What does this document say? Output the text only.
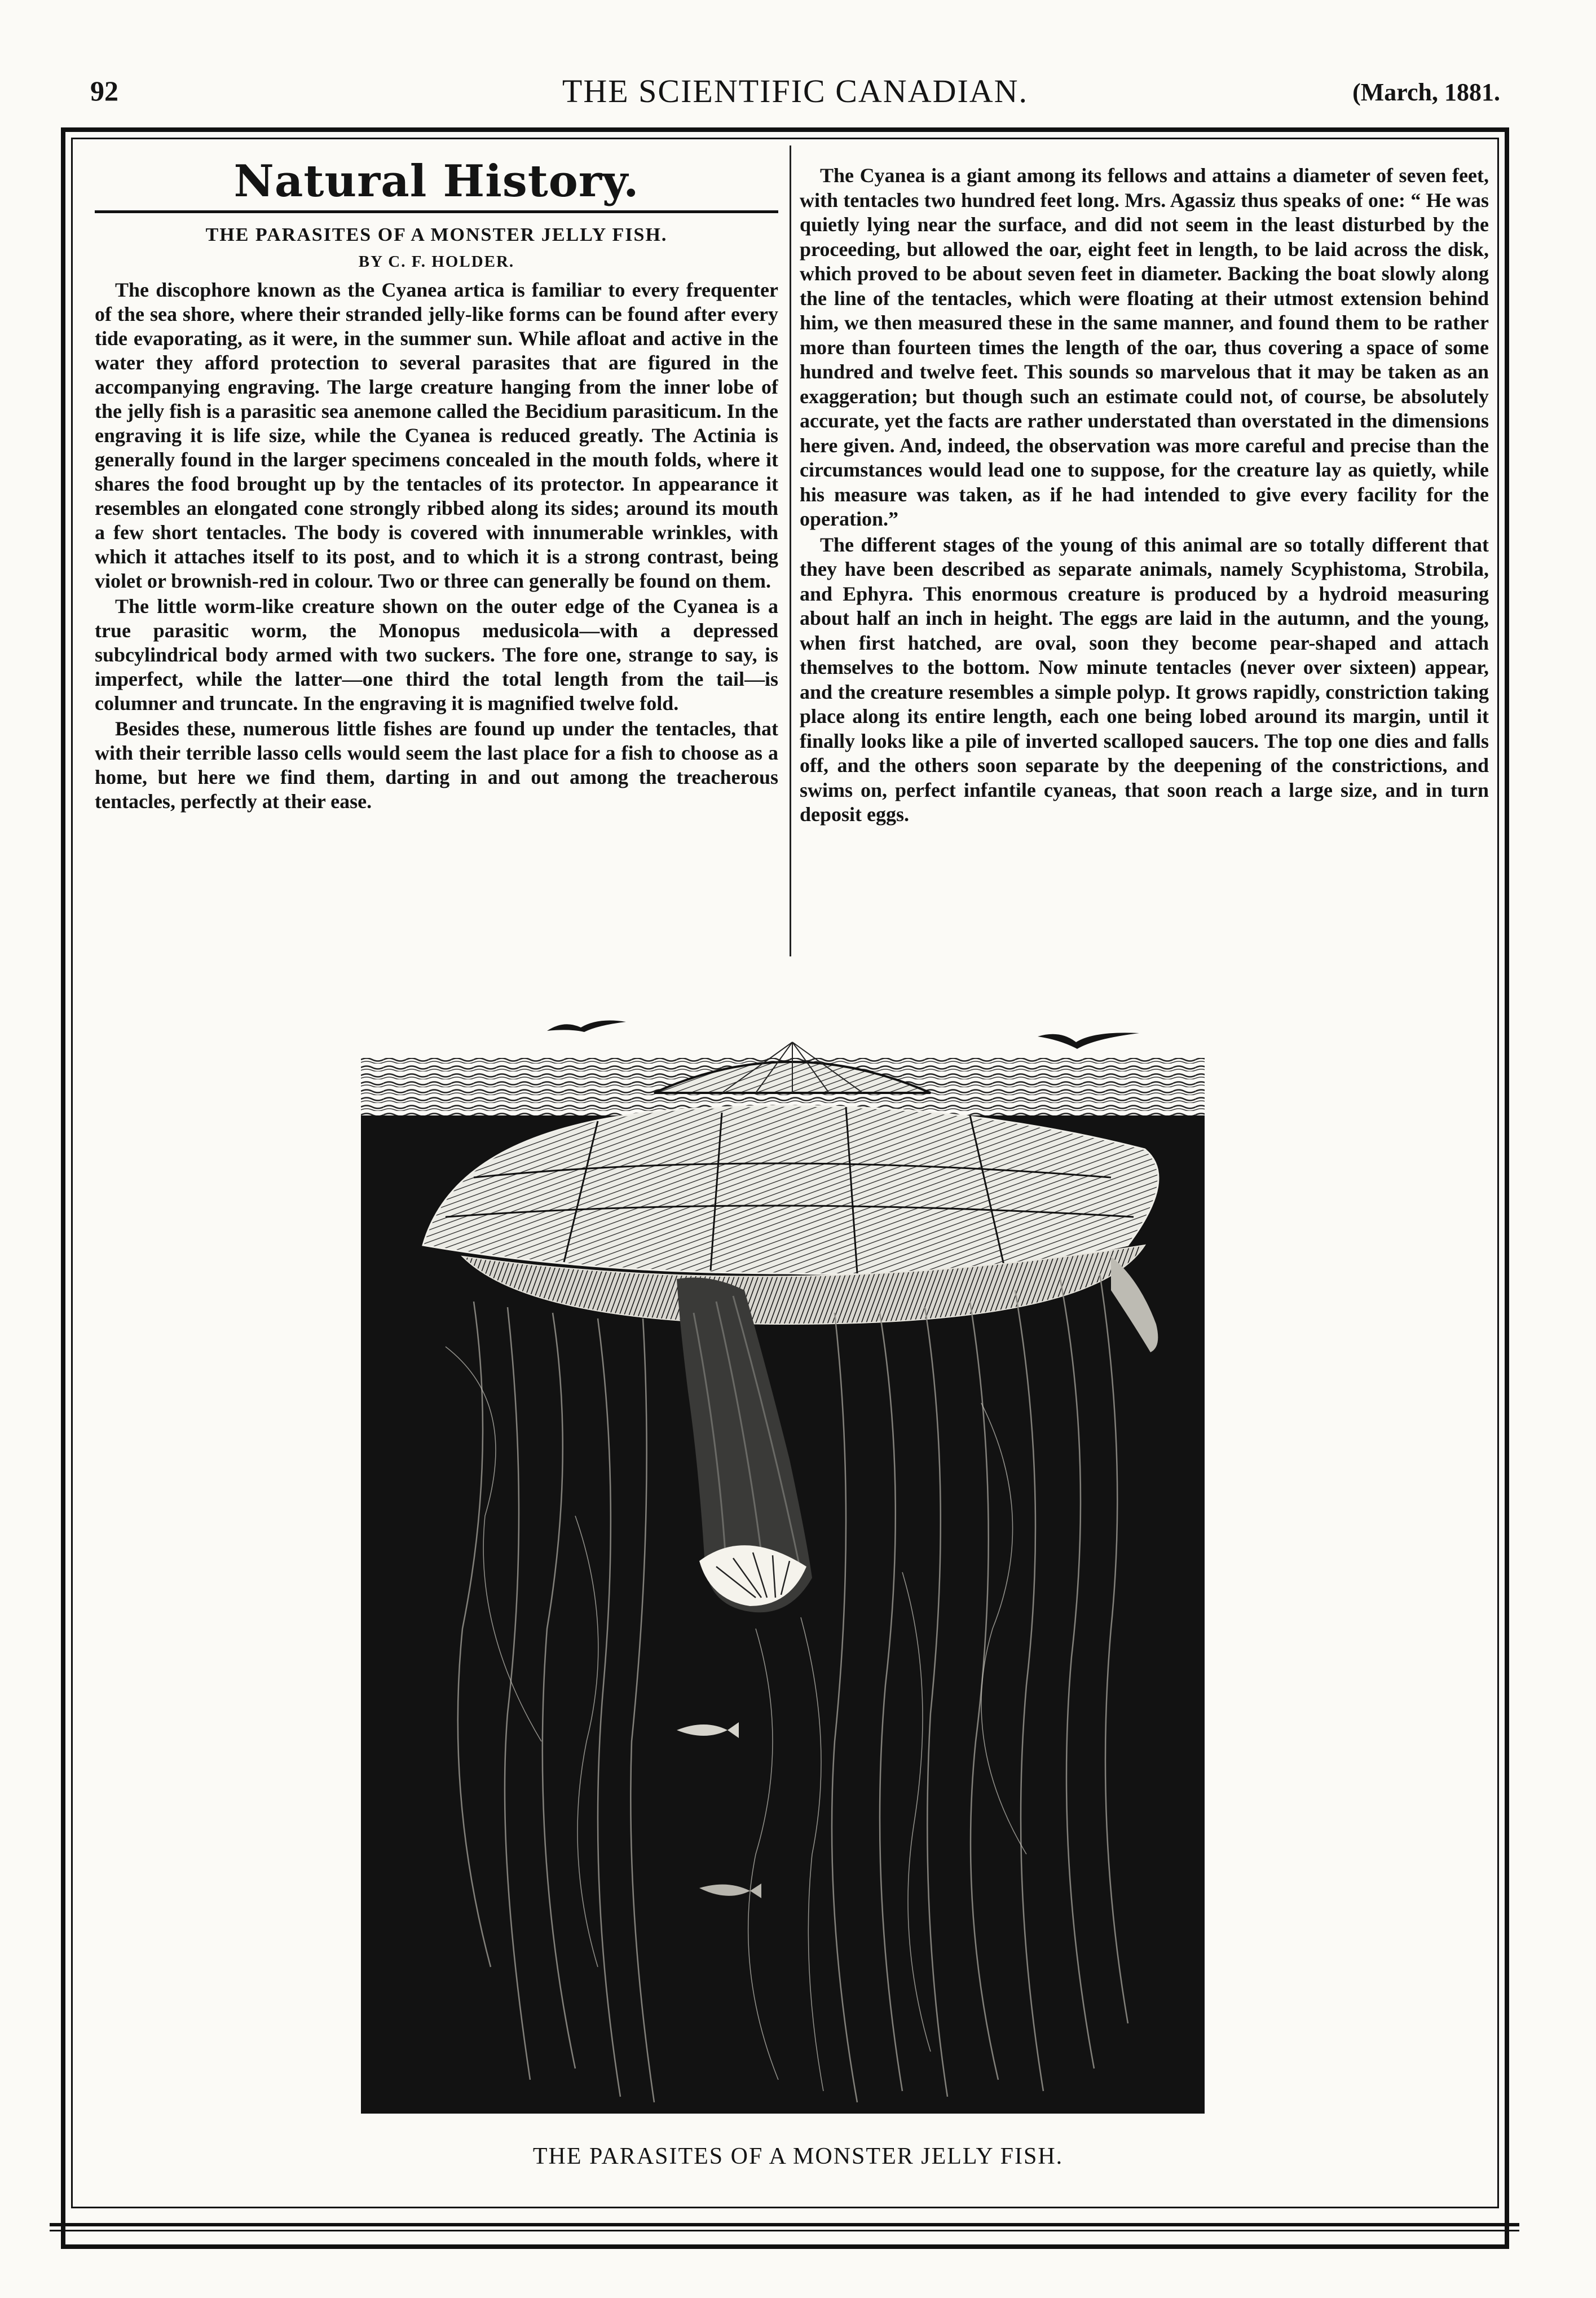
92	THE SCIENTIFIC CANADIAN.	(March, 1881.
Natural History.
THE PARASITES OF A MONSTER JELLY FISH.
BY C. F. HOLDER.

The discophore known as the Cyanea artica is familiar to every frequenter of the sea shore, where their stranded jelly-like forms can be found after every tide evaporating, as it were, in the summer sun. While afloat and active in the water they afford protection to several parasites that are figured in the accompanying engraving. The large creature hanging from the inner lobe of the jelly fish is a parasitic sea anemone called the Becidium parasiticum. In the engraving it is life size, while the Cyanea is reduced greatly. The Actinia is generally found in the larger specimens concealed in the mouth folds, where it shares the food brought up by the tentacles of its protector. In appearance it resembles an elongated cone strongly ribbed along its sides; around its mouth a few short tentacles. The body is covered with innumerable wrinkles, with which it attaches itself to its post, and to which it is a strong contrast, being violet or brownish-red in colour. Two or three can generally be found on them.

The little worm-like creature shown on the outer edge of the Cyanea is a true parasitic worm, the Monopus medusicola—with a depressed subcylindrical body armed with two suckers. The fore one, strange to say, is imperfect, while the latter—one third the total length from the tail—is columner and truncate. In the engraving it is magnified twelve fold.

Besides these, numerous little fishes are found up under the tentacles, that with their terrible lasso cells would seem the last place for a fish to choose as a home, but here we find them, darting in and out among the treacherous tentacles, perfectly at their ease.

The Cyanea is a giant among its fellows and attains a diameter of seven feet, with tentacles two hundred feet long. Mrs. Agassiz thus speaks of one: “ He was quietly lying near the surface, and did not seem in the least disturbed by the proceeding, but allowed the oar, eight feet in length, to be laid across the disk, which proved to be about seven feet in diameter. Backing the boat slowly along the line of the tentacles, which were floating at their utmost extension behind him, we then measured these in the same manner, and found them to be rather more than fourteen times the length of the oar, thus covering a space of some hundred and twelve feet. This sounds so marvelous that it may be taken as an exaggeration; but though such an estimate could not, of course, be absolutely accurate, yet the facts are rather understated than overstated in the dimensions here given. And, indeed, the observation was more careful and precise than the circumstances would lead one to suppose, for the creature lay as quietly, while his measure was taken, as if he had intended to give every facility for the operation.”

The different stages of the young of this animal are so totally different that they have been described as separate animals, namely Scyphistoma, Strobila, and Ephyra. This enormous creature is produced by a hydroid measuring about half an inch in height. The eggs are laid in the autumn, and the young, when first hatched, are oval, soon they become pear-shaped and attach themselves to the bottom. Now minute tentacles (never over sixteen) appear, and the creature resembles a simple polyp. It grows rapidly, constriction taking place along its entire length, each one being lobed around its margin, until it finally looks like a pile of inverted scalloped saucers. The top one dies and falls off, and the others soon separate by the deepening of the constrictions, and swims on, perfect infantile cyaneas, that soon reach a large size, and in turn deposit eggs.

THE PARASITES OF A MONSTER JELLY FISH.
